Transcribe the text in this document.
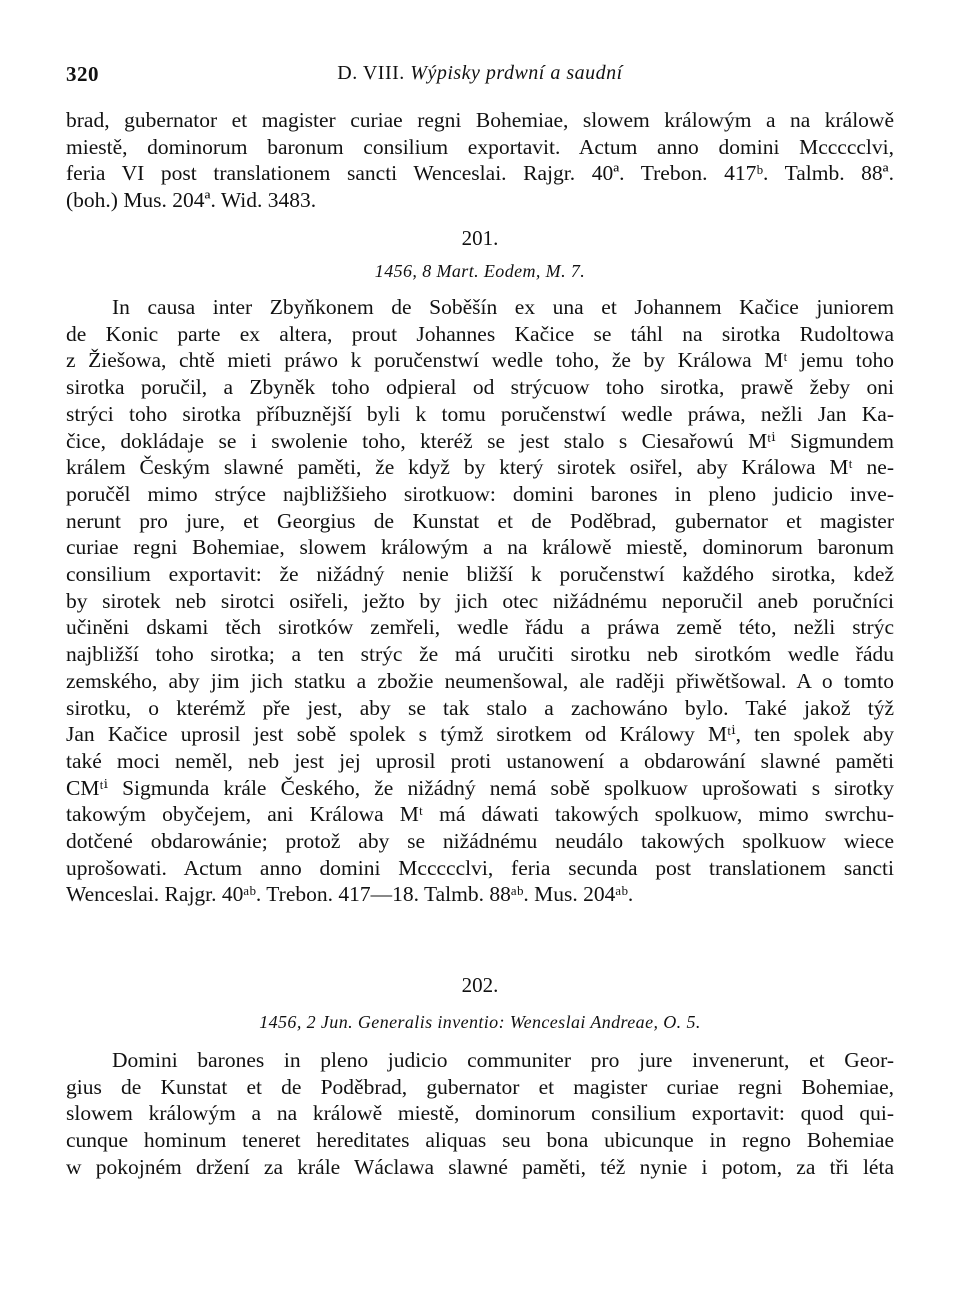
320	D. VIII. Wýpisky prdwní a saudní

brad, gubernator et magister curiae regni Bohemiae, slowem králowým a na králowě
miestě, dominorum baronum consilium exportavit. Actum anno domini Mccccclvi,
feria VI post translationem sancti Wenceslai. Rajgr. 40ª. Trebon. 417ᵇ. Talmb. 88ª.
(boh.) Mus. 204ª. Wid. 3483.

201.
1456, 8 Mart. Eodem, M. 7.

In causa inter Zbyňkonem de Soběšín ex una et Johannem Kačice juniorem
de Konic parte ex altera, prout Johannes Kačice se táhl na sirotka Rudoltowa
z Žiešowa, chtě mieti práwo k poručenstwí wedle toho, že by Králowa Mᵗ jemu toho
sirotka poručil, a Zbyněk toho odpieral od strýcuow toho sirotka, prawě žeby oni
strýci toho sirotka příbuznější byli k tomu poručenstwí wedle práwa, nežli Jan Ka-
čice, dokládaje se i swolenie toho, kteréž se jest stalo s Ciesařowú Mᵗⁱ Sigmundem
králem Českým slawné paměti, že když by který sirotek osiřel, aby Králowa Mᵗ ne-
poručěl mimo strýce najbližšieho sirotkuow: domini barones in pleno judicio inve-
nerunt pro jure, et Georgius de Kunstat et de Poděbrad, gubernator et magister
curiae regni Bohemiae, slowem králowým a na králowě miestě, dominorum baronum
consilium exportavit: že nižádný nenie bližší k poručenstwí každého sirotka, kdež
by sirotek neb sirotci osiřeli, ježto by jich otec nižádnému neporučil aneb poručníci
učiněni dskami těch sirotków zemřeli, wedle řádu a práwa země této, nežli strýc
najbližší toho sirotka; a ten strýc že má uručiti sirotku neb sirotkóm wedle řádu
zemského, aby jim jich statku a zbožie neumenšowal, ale raději přiwětšowal. A o tomto
sirotku, o kterémž pře jest, aby se tak stalo a zachowáno bylo. Také jakož týž
Jan Kačice uprosil jest sobě spolek s týmž sirotkem od Králowy Mᵗⁱ, ten spolek aby
také moci neměl, neb jest jej uprosil proti ustanowení a obdarowání slawné paměti
CMᵗⁱ Sigmunda krále Českého, že nižádný nemá sobě spolkuow uprošowati s sirotky
takowým obyčejem, ani Králowa Mᵗ má dáwati takowých spolkuow, mimo swrchu-
dotčené obdarowánie; protož aby se nižádnému neudálo takowých spolkuow wiece
uprošowati. Actum anno domini Mccccclvi, feria secunda post translationem sancti
Wenceslai. Rajgr. 40ᵃᵇ. Trebon. 417—18. Talmb. 88ᵃᵇ. Mus. 204ᵃᵇ.

202.
1456, 2 Jun. Generalis inventio: Wenceslai Andreae, O. 5.

Domini barones in pleno judicio communiter pro jure invenerunt, et Geor-
gius de Kunstat et de Poděbrad, gubernator et magister curiae regni Bohemiae,
slowem králowým a na králowě miestě, dominorum consilium exportavit: quod qui-
cunque hominum teneret hereditates aliquas seu bona ubicunque in regno Bohemiae
w pokojném držení za krále Wáclawa slawné paměti, též nynie i potom, za tři léta
